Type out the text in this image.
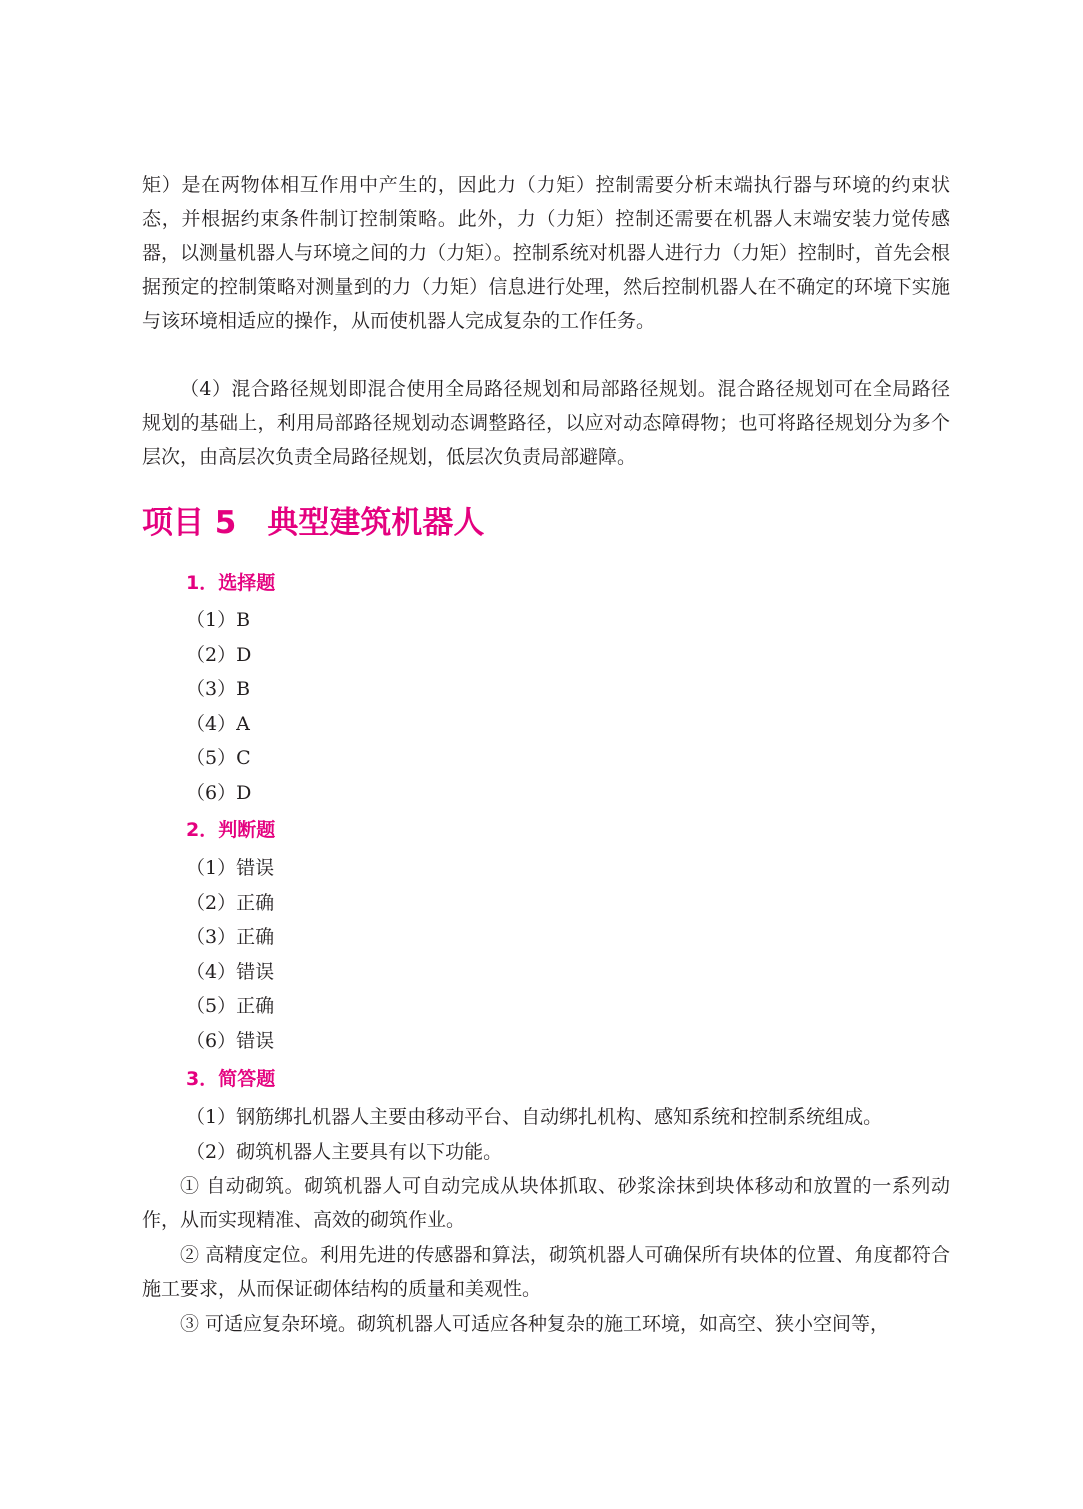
矩）是在两物体相互作用中产生的，因此力（力矩）控制需要分析末端执行器与环境的约束状态，并根据约束条件制订控制策略。此外，力（力矩）控制还需要在机器人末端安装力觉传感器，以测量机器人与环境之间的力（力矩）。控制系统对机器人进行力（力矩）控制时，首先会根据预定的控制策略对测量到的力（力矩）信息进行处理，然后控制机器人在不确定的环境下实施与该环境相适应的操作，从而使机器人完成复杂的工作任务。

（4）混合路径规划即混合使用全局路径规划和局部路径规划。混合路径规划可在全局路径规划的基础上，利用局部路径规划动态调整路径，以应对动态障碍物；也可将路径规划分为多个层次，由高层次负责全局路径规划，低层次负责局部避障。

项目 5　典型建筑机器人
1．选择题
（1）B
（2）D
（3）B
（4）A
（5）C
（6）D
2．判断题
（1）错误
（2）正确
（3）正确
（4）错误
（5）正确
（6）错误
3．简答题

（1）钢筋绑扎机器人主要由移动平台、自动绑扎机构、感知系统和控制系统组成。

（2）砌筑机器人主要具有以下功能。

① 自动砌筑。砌筑机器人可自动完成从块体抓取、砂浆涂抹到块体移动和放置的一系列动作，从而实现精准、高效的砌筑作业。

② 高精度定位。利用先进的传感器和算法，砌筑机器人可确保所有块体的位置、角度都符合施工要求，从而保证砌体结构的质量和美观性。

③ 可适应复杂环境。砌筑机器人可适应各种复杂的施工环境，如高空、狭小空间等，
